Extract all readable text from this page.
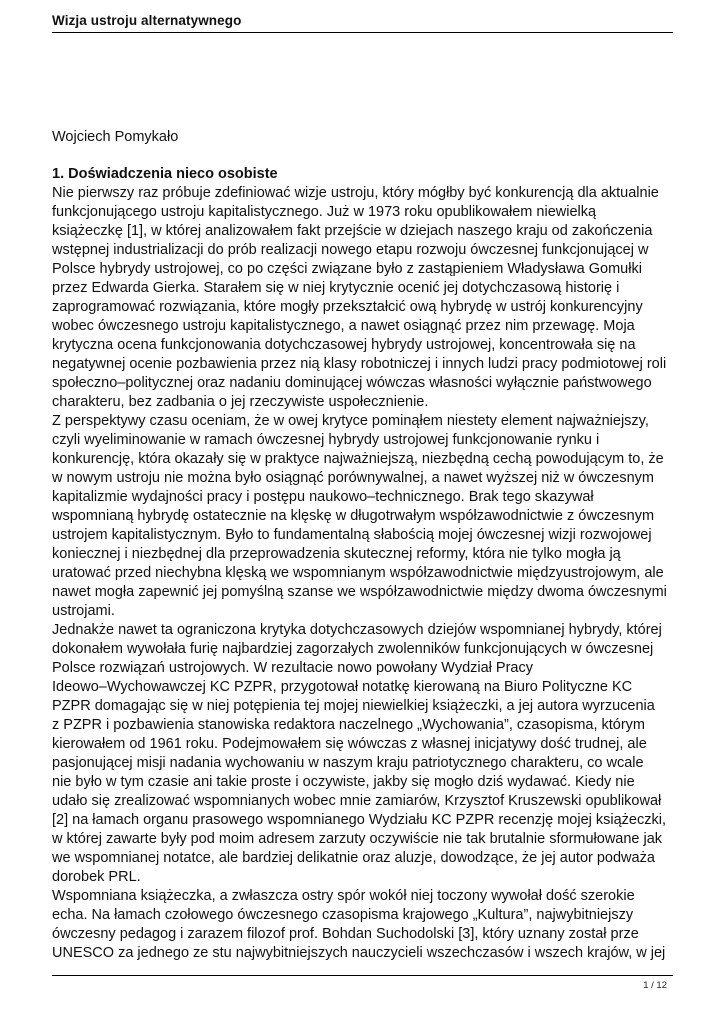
Wizja ustroju alternatywnego

Wojciech Pomykało

1. Doświadczenia nieco osobiste

Nie pierwszy raz próbuje zdefiniować wizje ustroju, który mógłby być konkurencją dla aktualnie
funkcjonującego ustroju kapitalistycznego. Już w 1973 roku opublikowałem niewielką
książeczkę [1], w której analizowałem fakt przejście w dziejach naszego kraju od zakończenia
wstępnej industrializacji do prób realizacji nowego etapu rozwoju ówczesnej funkcjonującej w
Polsce hybrydy ustrojowej, co po części związane było z zastąpieniem Władysława Gomułki
przez Edwarda Gierka. Starałem się w niej krytycznie ocenić jej dotychczasową historię i
zaprogramować rozwiązania, które mogły przekształcić ową hybrydę w ustrój konkurencyjny
wobec ówczesnego ustroju kapitalistycznego, a nawet osiągnąć przez nim przewagę. Moja
krytyczna ocena funkcjonowania dotychczasowej hybrydy ustrojowej, koncentrowała się na
negatywnej ocenie pozbawienia przez nią klasy robotniczej i innych ludzi pracy podmiotowej roli
społeczno–politycznej oraz nadaniu dominującej wówczas własności wyłącznie państwowego
charakteru, bez zadbania o jej rzeczywiste uspołecznienie.

Z perspektywy czasu oceniam, że w owej krytyce pominąłem niestety element najważniejszy,
czyli wyeliminowanie w ramach ówczesnej hybrydy ustrojowej funkcjonowanie rynku i
konkurencję, która okazały się w praktyce najważniejszą, niezbędną cechą powodującym to, że
w nowym ustroju nie można było osiągnąć porównywalnej, a nawet wyższej niż w ówczesnym
kapitalizmie wydajności pracy i postępu naukowo–technicznego. Brak tego skazywał
wspomnianą hybrydę ostatecznie na klęskę w długotrwałym współzawodnictwie z ówczesnym
ustrojem kapitalistycznym. Było to fundamentalną słabością mojej ówczesnej wizji rozwojowej
koniecznej i niezbędnej dla przeprowadzenia skutecznej reformy, która nie tylko mogła ją
uratować przed niechybna klęską we wspomnianym współzawodnictwie międzyustrojowym, ale
nawet mogła zapewnić jej pomyślną szanse we współzawodnictwie między dwoma ówczesnymi
ustrojami.

Jednakże nawet ta ograniczona krytyka dotychczasowych dziejów wspomnianej hybrydy, której
dokonałem wywołała furię najbardziej zagorzałych zwolenników funkcjonujących w ówczesnej
Polsce rozwiązań ustrojowych. W rezultacie nowo powołany Wydział Pracy
Ideowo–Wychowawczej KC PZPR, przygotował notatkę kierowaną na Biuro Polityczne KC
PZPR domagając się w niej potępienia tej mojej niewielkiej książeczki, a jej autora wyrzucenia
z PZPR i pozbawienia stanowiska redaktora naczelnego „Wychowania”, czasopisma, którym
kierowałem od 1961 roku. Podejmowałem się wówczas z własnej inicjatywy dość trudnej, ale
pasjonującej misji nadania wychowaniu w naszym kraju patriotycznego charakteru, co wcale
nie było w tym czasie ani takie proste i oczywiste, jakby się mogło dziś wydawać. Kiedy nie
udało się zrealizować wspomnianych wobec mnie zamiarów, Krzysztof Kruszewski opublikował
[2] na łamach organu prasowego wspomnianego Wydziału KC PZPR recenzję mojej książeczki,
w której zawarte były pod moim adresem zarzuty oczywiście nie tak brutalnie sformułowane jak
we wspomnianej notatce, ale bardziej delikatnie oraz aluzje, dowodzące, że jej autor podważa
dorobek PRL.

Wspomniana książeczka, a zwłaszcza ostry spór wokół niej toczony wywołał dość szerokie
echa. Na łamach czołowego ówczesnego czasopisma krajowego „Kultura”, najwybitniejszy
ówczesny pedagog i zarazem filozof prof. Bohdan Suchodolski [3], który uznany został prze
UNESCO za jednego ze stu najwybitniejszych nauczycieli wszechczasów i wszech krajów, w jej

1 / 12
